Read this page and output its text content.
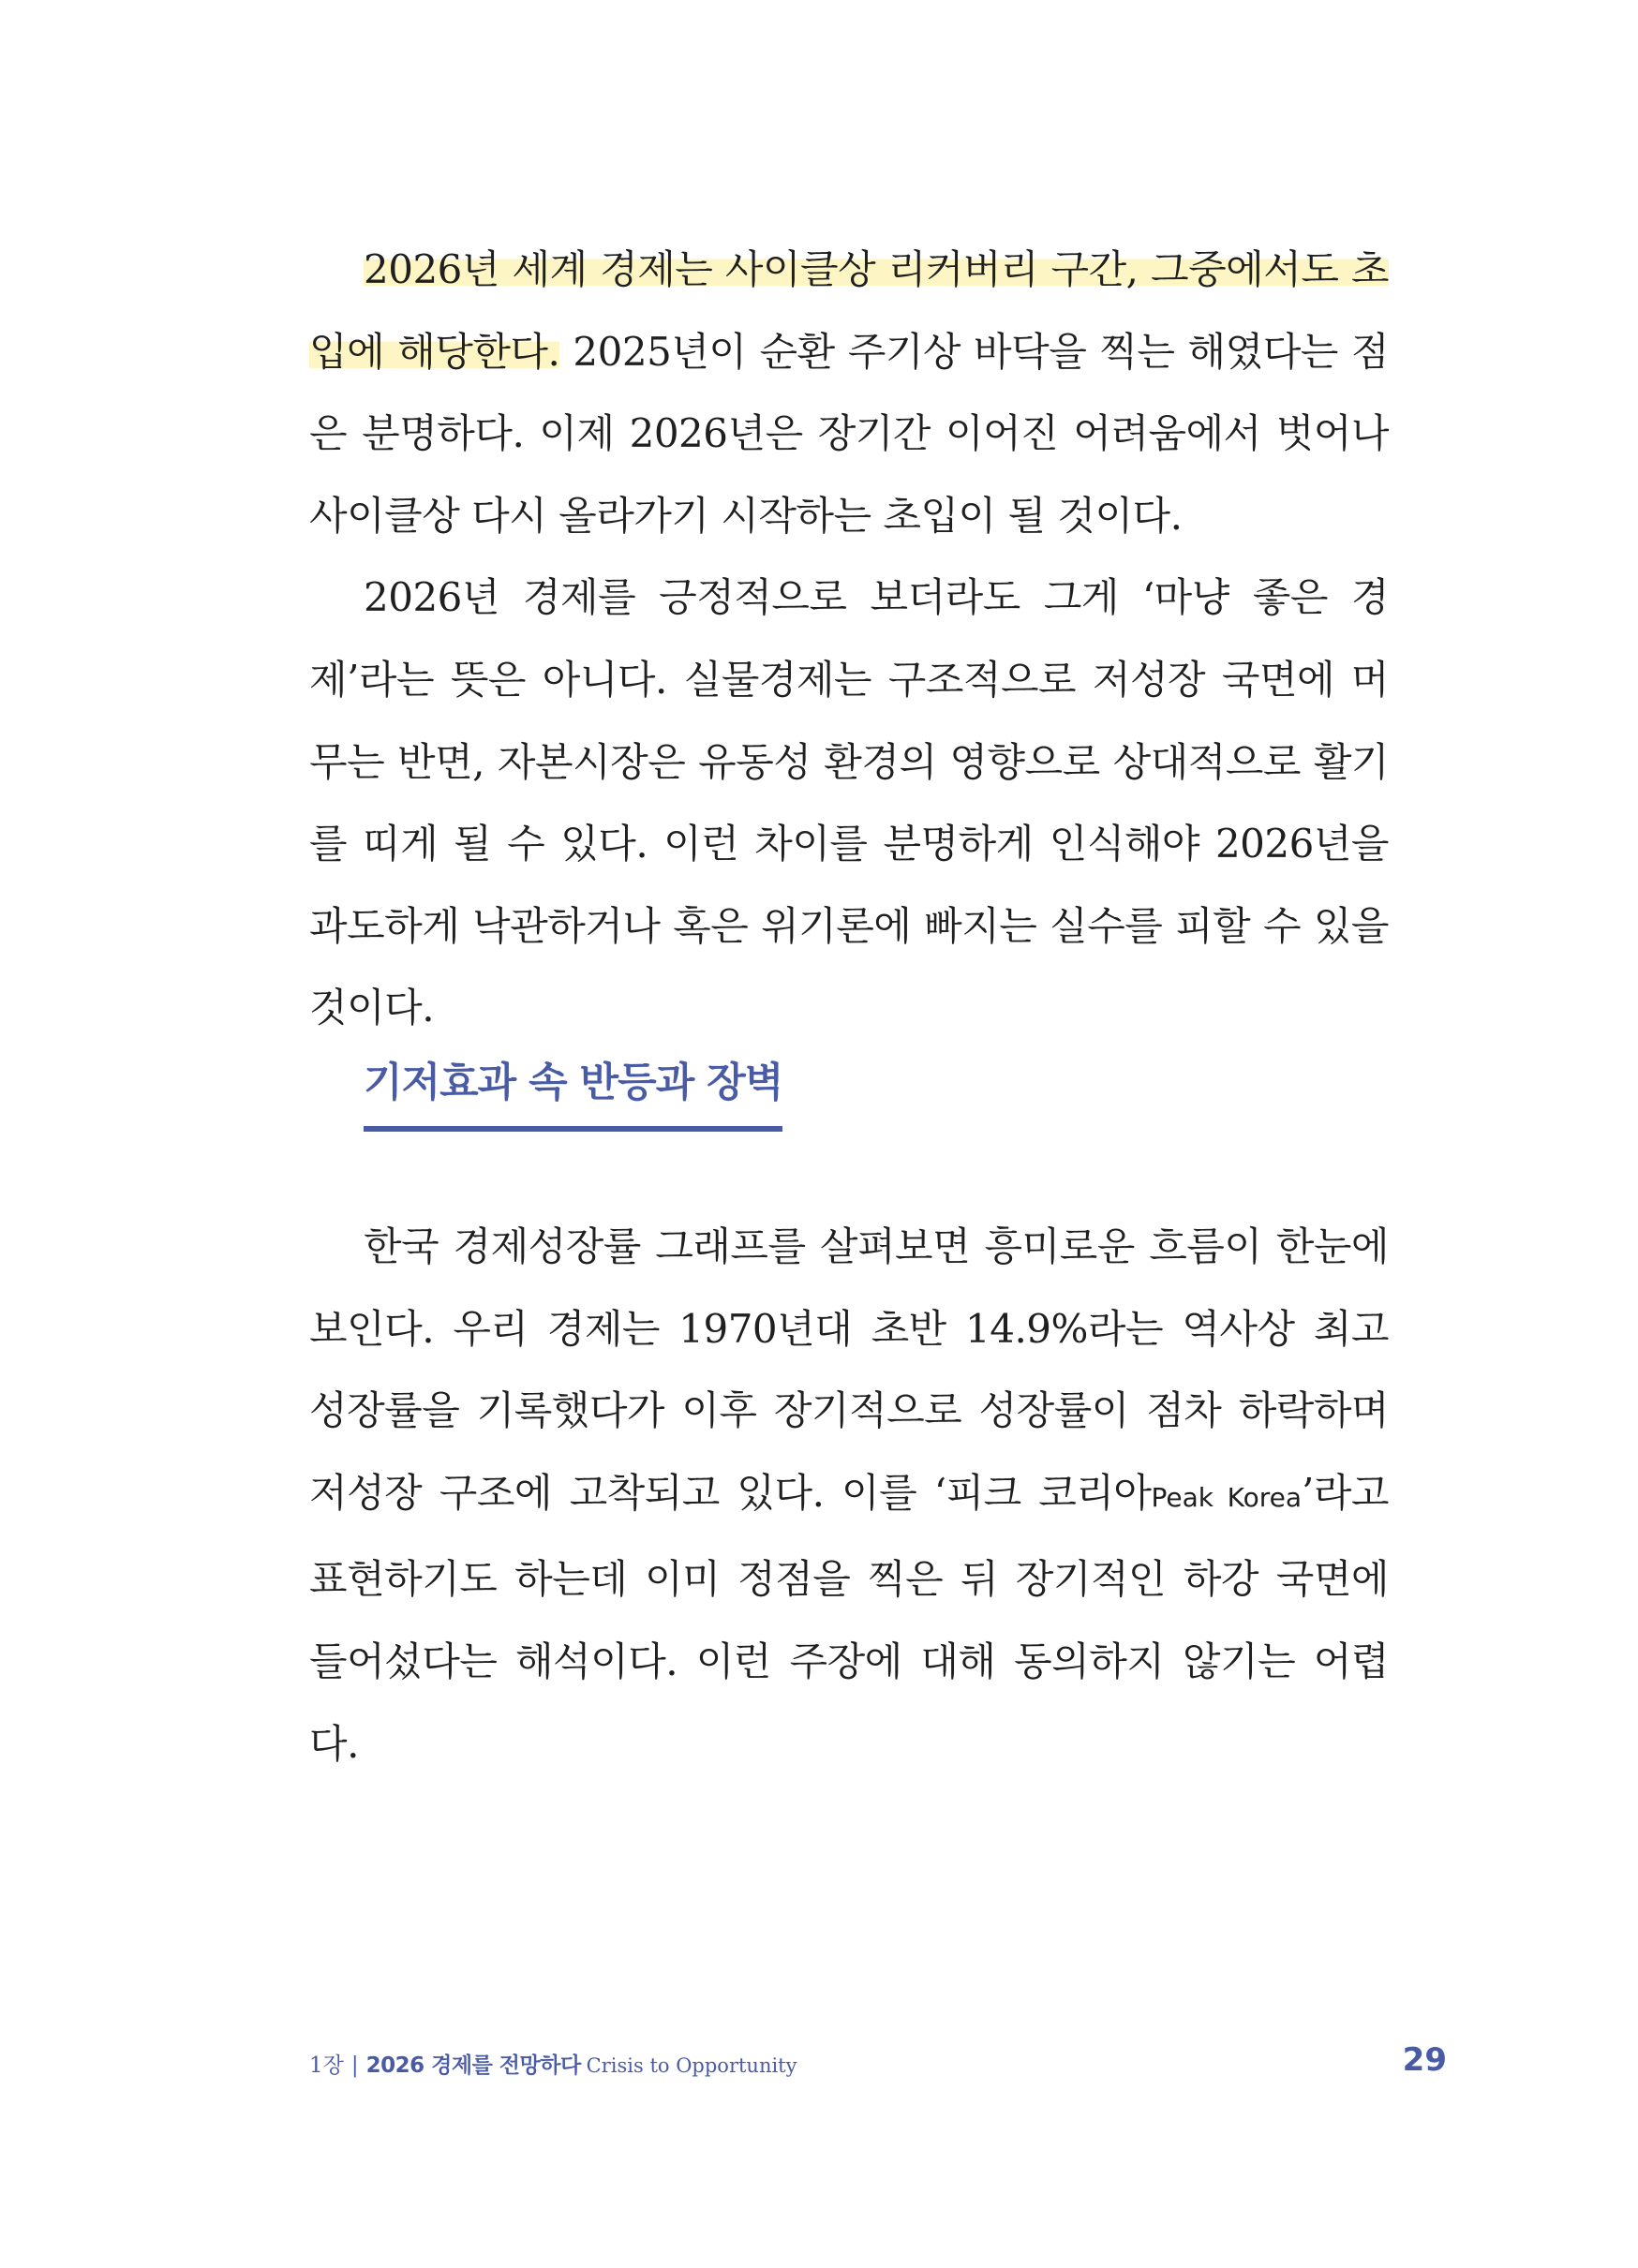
2026년 세계 경제는 사이클상 리커버리 구간, 그중에서도 초입에 해당한다. 2025년이 순환 주기상 바닥을 찍는 해였다는 점은 분명하다. 이제 2026년은 장기간 이어진 어려움에서 벗어나 사이클상 다시 올라가기 시작하는 초입이 될 것이다.

2026년 경제를 긍정적으로 보더라도 그게 ‘마냥 좋은 경제’라는 뜻은 아니다. 실물경제는 구조적으로 저성장 국면에 머무는 반면, 자본시장은 유동성 환경의 영향으로 상대적으로 활기를 띠게 될 수 있다. 이런 차이를 분명하게 인식해야 2026년을 과도하게 낙관하거나 혹은 위기론에 빠지는 실수를 피할 수 있을 것이다.

기저효과 속 반등과 장벽

한국 경제성장률 그래프를 살펴보면 흥미로운 흐름이 한눈에 보인다. 우리 경제는 1970년대 초반 14.9%라는 역사상 최고 성장률을 기록했다가 이후 장기적으로 성장률이 점차 하락하며 저성장 구조에 고착되고 있다. 이를 ‘피크 코리아Peak Korea’라고 표현하기도 하는데 이미 정점을 찍은 뒤 장기적인 하강 국면에 들어섰다는 해석이다. 이런 주장에 대해 동의하지 않기는 어렵다.

1장 | 2026 경제를 전망하다 Crisis to Opportunity	29
